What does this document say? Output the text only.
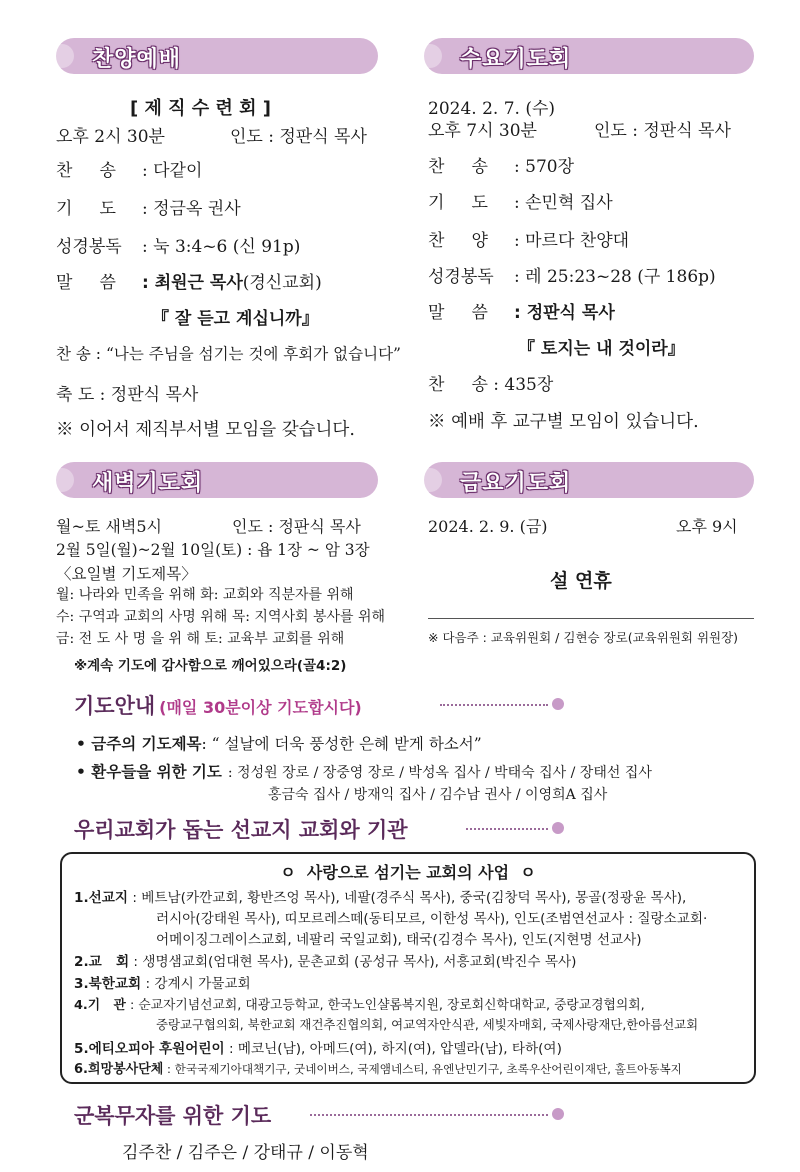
찬양예배
[ 제 직 수 련 회 ]
오후 2시 30분	인도 : 정판식 목사
찬     송 : 다같이
기     도 : 정금옥 권사
성경봉독 : 눅 3:4~6 (신 91p)
말     씀 : 최원근 목사(경신교회)
『 잘 듣고 계십니까』
찬 송 : “나는 주님을 섬기는 것에 후회가 없습니다”
축 도 : 정판식 목사
※ 이어서 제직부서별 모임을 갖습니다.
수요기도회
2024. 2. 7. (수)
오후 7시 30분	인도 : 정판식 목사
찬     송 : 570장
기     도 : 손민혁 집사
찬     양 : 마르다 찬양대
성경봉독 : 레 25:23~28 (구 186p)
말     씀 : 정판식 목사
『 토지는 내 것이라』
찬     송 : 435장
※ 예배 후 교구별 모임이 있습니다.
새벽기도회
월~토 새벽5시	인도 : 정판식 목사
2월 5일(월)~2월 10일(토) : 욥 1장 ~ 암 3장
〈요일별 기도제목〉
월: 나라와 민족을 위해 화: 교회와 직분자를 위해
수: 구역과 교회의 사명 위해 목: 지역사회 봉사를 위해
금: 전 도 사 명 을 위 해 토: 교육부 교회를 위해
※계속 기도에 감사함으로 깨어있으라(골4:2)
금요기도회
2024. 2. 9. (금)	오후 9시
설 연휴
※ 다음주 : 교육위원회 / 김현승 장로(교육위원회 위원장)
기도안내 (매일 30분이상 기도합시다)
• 금주의 기도제목: “ 설날에 더욱 풍성한 은혜 받게 하소서”
• 환우들을 위한 기도 : 정성원 장로 / 장중영 장로 / 박성옥 집사 / 박태숙 집사 / 장태선 집사
홍금숙 집사 / 방재익 집사 / 김수남 권사 / 이영희A 집사
우리교회가 돕는 선교지 교회와 기관
ㅇ  사랑으로 섬기는 교회의 사업  ㅇ
1.선교지 : 베트남(카깐교회, 황반즈엉 목사), 네팔(경주식 목사), 중국(김창덕 목사), 몽골(정광윤 목사),
러시아(강태원 목사), 띠모르레스떼(동티모르, 이한성 목사), 인도(조범연선교사 : 질랑소교회·
어메이징그레이스교회, 네팔리 국일교회), 태국(김경수 목사), 인도(지현명 선교사)
2.교   회 : 생명샘교회(엄대현 목사), 문촌교회 (공성규 목사), 서흥교회(박진수 목사)
3.북한교회 : 강계시 가물교회
4.기   관 : 순교자기념선교회, 대광고등학교, 한국노인샬롬복지원, 장로회신학대학교, 중랑교경협의회,
중랑교구협의회, 북한교회 재건추진협의회, 여교역자안식관, 세빛자매회, 국제사랑재단,한아름선교회
5.에티오피아 후원어린이 : 메코닌(남), 아메드(여), 하지(여), 압델라(남), 타하(여)
6.희망봉사단체 : 한국국제기아대책기구, 굿네이버스, 국제앰네스티, 유엔난민기구, 초록우산어린이재단, 홀트아동복지
군복무자를 위한 기도
김주찬 / 김주은 / 강태규 / 이동혁
